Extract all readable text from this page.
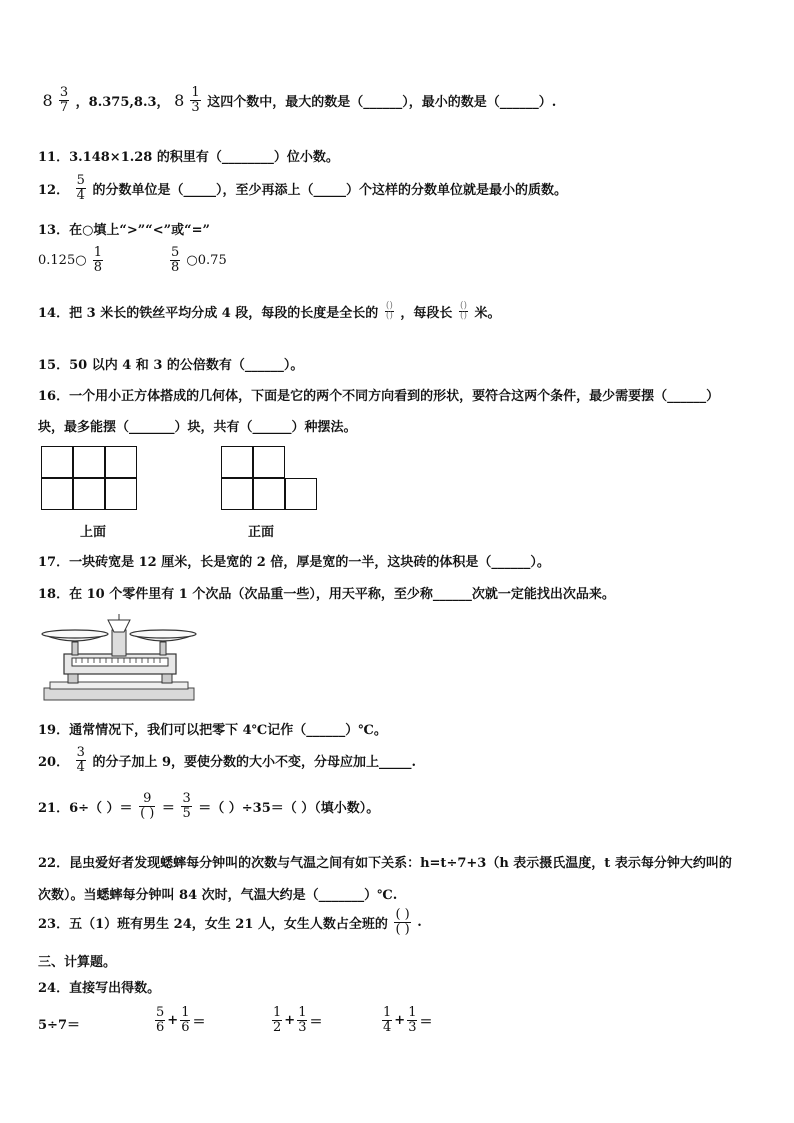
$8 \frac{3}{7}$ ，8.375,8.3， $8 \frac{1}{3}$ 这四个数中，最大的数是（______），最小的数是（______）.
11．3.148×1.28 的积里有（________）位小数。
12． $\frac{5}{4}$ 的分数单位是（_____），至少再添上（_____）个这样的分数单位就是最小的质数。
13．在○填上“>”“<”或“=”
0.125○ $\frac{1}{8}$	$\frac{5}{8}$ ○0.75
14．把 3 米长的铁丝平均分成 4 段，每段的长度是全长的 $\frac{()}{()}$ ，每段长 $\frac{()}{()}$ 米。
15．50 以内 4 和 3 的公倍数有（______）。
16．一个用小正方体搭成的几何体，下面是它的两个不同方向看到的形状，要符合这两个条件，最少需要摆（______）
块，最多能摆（_______）块，共有（______）种摆法。
上面	正面
17．一块砖宽是 12 厘米，长是宽的 2 倍，厚是宽的一半，这块砖的体积是（______）。
18．在 10 个零件里有 1 个次品（次品重一些），用天平称，至少称______次就一定能找出次品来。
19．通常情况下，我们可以把零下 4℃记作（______）℃。
20． $\frac{3}{4}$ 的分子加上 9，要使分数的大小不变，分母应加上_____.
21．6÷（ ）＝ $\frac{9}{( )} = \frac{3}{5}$ ＝（ ）÷35＝（ ）（填小数）。
22．昆虫爱好者发现蟋蟀每分钟叫的次数与气温之间有如下关系：h=t÷7+3（h 表示摄氏温度，t 表示每分钟大约叫的
次数）。当蟋蟀每分钟叫 84 次时，气温大约是（_______）℃.
23．五（1）班有男生 24，女生 21 人，女生人数占全班的 $\frac{( )}{( )}$ .
三、计算题。
24．直接写出得数。
5÷7＝	$\frac{5}{6} + \frac{1}{6}$ ＝	$\frac{1}{2} + \frac{1}{3}$ ＝	$\frac{1}{4} + \frac{1}{3}$ ＝
